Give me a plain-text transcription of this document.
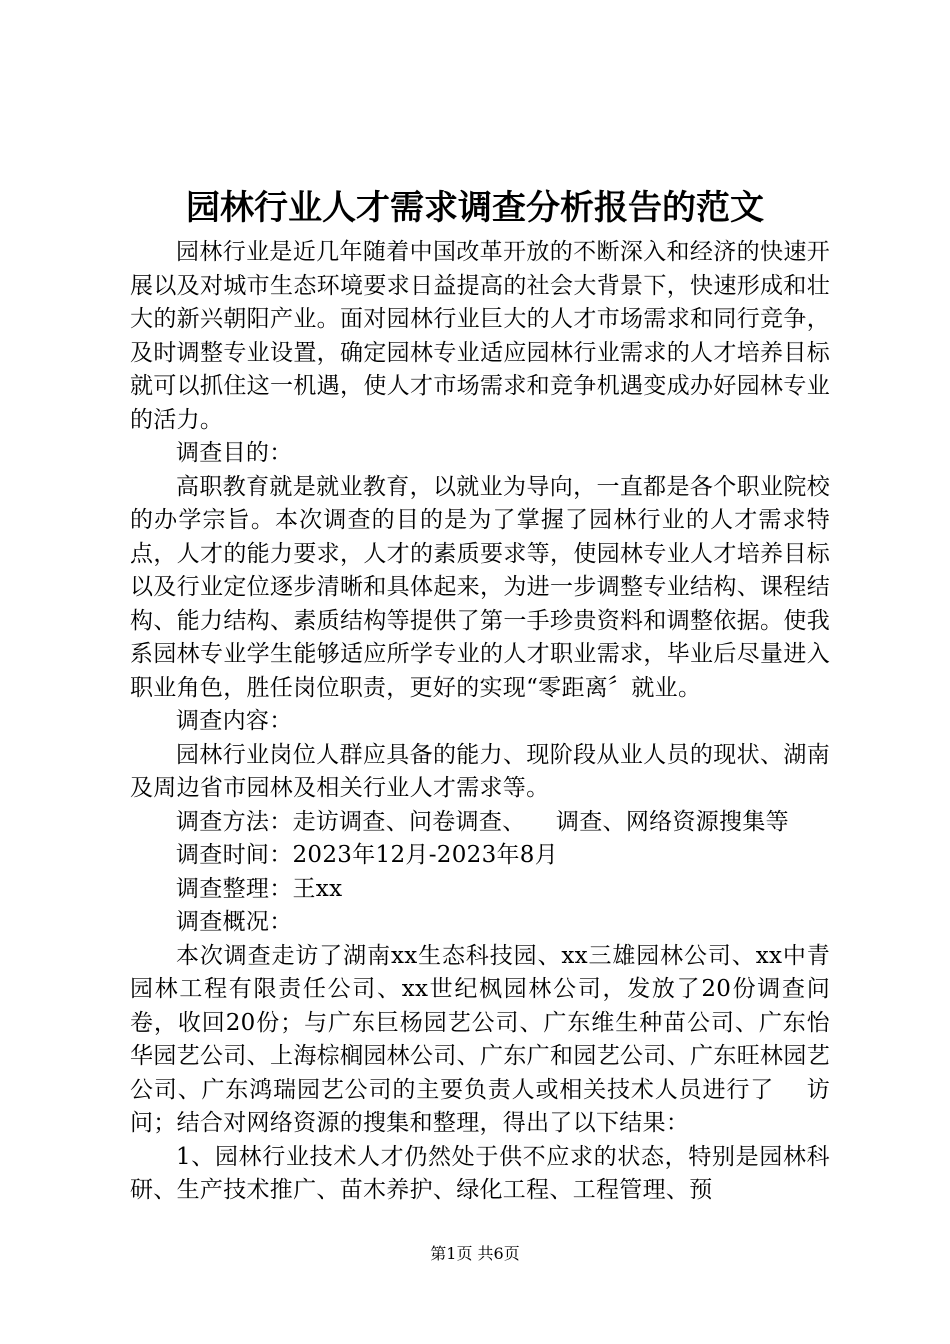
园林行业人才需求调查分析报告的范文

园林行业是近几年随着中国改革开放的不断深入和经济的快速开展以及对城市生态环境要求日益提高的社会大背景下，快速形成和壮大的新兴朝阳产业。面对园林行业巨大的人才市场需求和同行竞争，及时调整专业设置，确定园林专业适应园林行业需求的人才培养目标就可以抓住这一机遇，使人才市场需求和竞争机遇变成办好园林专业的活力。

调查目的：

高职教育就是就业教育，以就业为导向，一直都是各个职业院校的办学宗旨。本次调查的目的是为了掌握了园林行业的人才需求特点，人才的能力要求，人才的素质要求等，使园林专业人才培养目标以及行业定位逐步清晰和具体起来，为进一步调整专业结构、课程结构、能力结构、素质结构等提供了第一手珍贵资料和调整依据。使我系园林专业学生能够适应所学专业的人才职业需求，毕业后尽量进入职业角色，胜任岗位职责，更好的实现“零距离〞就业。

调查内容：

园林行业岗位人群应具备的能力、现阶段从业人员的现状、湖南及周边省市园林及相关行业人才需求等。

调查方法：走访调查、问卷调查、    调查、网络资源搜集等

调查时间：2023年12月-2023年8月

调查整理：王xx

调查概况：

本次调查走访了湖南xx生态科技园、xx三雄园林公司、xx中青园林工程有限责任公司、xx世纪枫园林公司，发放了20份调查问卷，收回20份；与广东巨杨园艺公司、广东维生种苗公司、广东怡华园艺公司、上海棕榈园林公司、广东广和园艺公司、广东旺林园艺公司、广东鸿瑞园艺公司的主要负责人或相关技术人员进行了    访问；结合对网络资源的搜集和整理，得出了以下结果：

1、园林行业技术人才仍然处于供不应求的状态，特别是园林科研、生产技术推广、苗木养护、绿化工程、工程管理、预

第1页 共6页
